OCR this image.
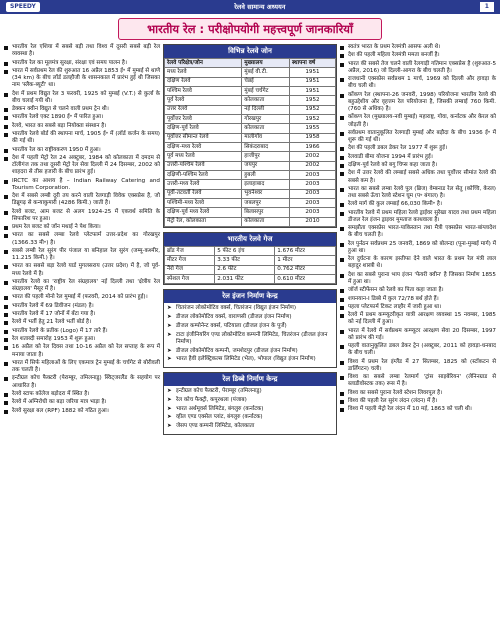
SPEEDY	रेलवे सामान्य अध्ययन	1
भारतीय रेल : परीक्षोपयोगी महत्त्वपूर्ण जानकारियाँ
भारतीय रेल एशिया में सबसे बड़ी तथा विश्व में दूसरी सबसे बड़ी रेल व्यवस्था है।
भारतीय रेल का मूलमंत्र सुरक्षा, संरक्षा एवं समय पालन है।
भारत में सर्वप्रथम रेल की शुरुआत 16 अप्रैल 1853 ई॰ में मुम्बई से थाणे (34 km) के बीच लॉर्ड डलहौजी के शासनकाल में प्रारंभ हुई थी जिसका नाम 'स्लैक-ब्यूटी' था।
देश में प्रथम विद्युत रेल 3 फरवरी, 1925 को मुम्बई (V.T.) से कुर्ला के बीच चलाई गयी थी।
डेक्कन क्वीन विद्युत से चलने वाली प्रथम ट्रेन थी।
भारतीय रेलवे एक्ट 1890 ई॰ में पारित हुआ।
रेलवे, भारत का सबसे बड़ा नियोक्ता संस्थान है।
भारतीय रेलवे बोर्ड की स्थापना मार्च, 1905 ई॰ में (लॉर्ड कर्जन के समय) की गई थी।
भारतीय रेल का राष्ट्रीयकरण 1950 में हुआ।
देश में पहली मेट्रो रेल 24 अक्टूबर, 1984 को कोलकाता में दमदम से टॉलीगंज तक तथा दूसरी मेट्रो रेल सेवा दिल्ली में 24 दिसम्बर, 2002 को शाहदरा से तीस हजारी के बीच प्रारंभ हुई।
IRCTC का आशय है – Indian Railway Catering and Tourism Corporation.
देश में सबसे लम्बी दूरी तय करने वाली रेलगाड़ी विवेक एक्सप्रेस है, जो डिब्रूगढ़ से कन्याकुमारी (4286 किमी.) जाती है।
रेलवे बजट, आम बजट से अलग 1924-25 में एकवर्थ समिति के सिफारिश पर हुआ।
प्रथम रेल बजट को जॉन मथाई ने पेश किया।
भारत का सबसे लम्बा रेलवे प्लेटफार्म उत्तर-प्रदेश का गोरखपुर (1366.33 मी॰) है।
सबसे लम्बी रेल सुरंग पीर पंजाल या बनिहाल रेल सुरंग (जम्मू-कश्मीर, 11.215 किमी.) है।
भारत का सबसे बड़ा रेलवे यार्ड मुगलसराय (उत्तर प्रदेश) में है, जो पूर्व-मध्य रेलवे में है।
भारतीय रेलवे का 'राष्ट्रीय रेल संग्रहालय' नई दिल्ली तथा 'क्षेत्रीय रेल संग्रहालय' मैसूर में है।
भारत की पहली मोनो रेल मुम्बई में (फरवरी, 2014 को प्रारंभ हुई)।
भारतीय रेलवे में 69 डिवीजन (मंडल) है।
भारतीय रेलवे में 17 जोनों में बँटा गया है।
रेलवे में भर्ती हेतु 21 रेलवे भर्ती बोर्ड है।
भारतीय रेलवे के प्रतीक (Logo) में 17 तारे हैं।
रेल शताब्दी समारोह 1953 में शुरू हुआ।
16 अप्रैल को रेल दिवस तथा 10-16 अप्रैल को रेल सप्ताह के रूप में मनाया जाता है।
भारत में सिर्फ महिलाओं के लिए एकमात्र ट्रेन मुम्बई के चर्चगेट से बोरीवली तक चलती है।
इन्टीग्रल कोच फैक्टरी (पेराम्बूर, तमिलनाडु) स्विट्जरलैंड के सहयोग पर आधारित है।
रेलवे स्टाफ कॉलेज बड़ोदरा में स्थित है।
रेलवे में अग्निरोधी का बड़ा जरिया मात्र भाड़ा है।
रेलवे सुरक्षा बल (RPF) 1882 को गठित हुआ।
विभिन्न रेलवे जोन
रेलवे परिक्षेत्र/जोन	मुख्यालय	स्थापना वर्ष
मध्य रेलवे	मुंबई वी.टी.	1951
दक्षिण रेलवे	चेन्नई	1951
पश्चिम रेलवे	मुंबई चर्चगेट	1951
पूर्व रेलवे	कोलकाता	1952
उत्तर रेलवे	नई दिल्ली	1952
पूर्वोत्तर रेलवे	गोरखपुर	1952
दक्षिण-पूर्व रेलवे	कोलकाता	1955
पूर्वोत्तर सीमान्त रेलवे	मालीगाँव	1958
दक्षिण-मध्य रेलवे	सिकंदराबाद	1966
पूर्व मध्य रेलवे	हाजीपुर	2002
उत्तरी-पश्चिम रेलवे	जयपुर	2002
दक्षिणी-पश्चिम रेलवे	हुबली	2003
उत्तरी-मध्य रेलवे	इलाहाबाद	2003
पूर्वी-तटवर्ती रेलवे	भुवनेश्वर	2003
पश्चिमी-मध्य रेलवे	जबलपुर	2003
दक्षिण-पूर्व मध्य रेलवे	बिलासपुर	2003
मेट्रो रेल, कोलकाता	कोलकाता	2010
भारतीय रेलवे गेज
ब्रॉड गेज	5 फीट 6 इंच	1.676 मीटर
मीटर गेज	3.33 फीट	1 मीटर
नैरो गेज	2.6 फीट	0.762 मीटर
स्पेशल गेज	2.031 फीट	0.610 मीटर
रेल इंजन निर्माण केन्द्र
➤ चितरंजन लोकोमोटिव वर्क्स, चितरंजन (विद्युत इंजन निर्माण)
➤ डीजल लोकोमोटिव वर्क्स, वाराणसी (डीजल इंजन निर्माण)
➤ डीजल कम्पोनेन्ट वर्क्स, पटियाला (डीजल इंजन के पुर्जे)
➤ टाटा इंजीनियरिंग एण्ड लोकोमोटिव कम्पनी लिमिटेड, चितरंजन (डीजल इंजन निर्माण)
➤ डीजल लोकोमोटिव कम्पनी, जमशेदपुर (डीजल इंजन निर्माण)
➤ भारत हैवी इलेक्ट्रिकल्स लिमिटेड (भेल), भोपाल (विद्युत इंजन निर्माण)
रेल डिब्बे निर्माण केन्द्र
➤ इन्टीग्रल कोच फैक्टरी, पेराम्बूर (तमिलनाडु)
➤ रेल कोच फैक्ट्री, कपूरथला (पंजाब)
➤ भारत अर्थमूवर्स लिमिटेड, बंगलुरु (कर्नाटक)
➤ व्हील एण्ड एक्सेल प्लांट, बंगलुरु (कर्नाटक)
➤ जेसप एण्ड कम्पनी लिमिटेड, कोलकाता
स्वतंत्र भारत के प्रथम रेलमंत्री आसफ अली थे।
देश की पहली महिला रेलमंत्री ममता बनर्जी है।
भारत की सबसे तेज चलने वाली रेलगाड़ी गतिमान एक्सप्रेस है (शुरुआत-5 अप्रैल, 2016) जो दिल्ली-आगरा के बीच चलती है।
राजधानी एक्सप्रेस सर्वप्रथम 1 मार्च, 1969 को दिल्ली और हावड़ा के बीच चली थी।
कोंकण रेल (स्थापना-26 जनवरी, 1998) परियोजना भारतीय रेलवे की बहुउद्देशीय और वृहत्तम रेल परियोजना है, जिसकी लम्बाई 760 किमी. (760 से अधिक) है।
कोंकण रेल (मुख्यालय-नवी मुम्बई) महाराष्ट्र, गोवा, कर्नाटक और केरल को जोड़ती है।
सर्वप्रथम वातानुकूलित रेलगाड़ी मुम्बई और बड़ौदा के बीच 1936 ई॰ में शुरू की गई थी।
देश की पहली डबल डेकर रेल 1977 में शुरू हुई।
रेलवाडी बीमा योजना 1994 में प्रारंभ हुई।
दक्षिण-पूर्व रेलवे को बगु चिप्स कहा जाता है।
देश में उत्तर रेलवे की लम्बाई सबसे अधिक तथा पूर्वोत्तर सीमांत रेलवे की सबसे कम है।
भारत का सबसे लम्बा रेलवे पुल (ब्रिज) वेम्बनाड रेल सेतु (कोच्चि, केरल) तथा सबसे ऊँचा रेलवे स्टेशन घूम (प॰ बंगाल) है।
रेलवे मार्ग की कुल लम्बाई 66,030 किमी॰ है।
भारतीय रेलवे में प्रथम महिला रेलवे ड्राईवर सुरेखा यादव तथा प्रथम महिला डीजल रेल इंजन ड्राइवर मुमताज काथवाला है।
समझौता एक्सप्रेस भारत-पाकिस्तान तथा मैत्री एक्सप्रेस भारत-बांग्लादेश के बीच चलती है।
रेल पुर्नठन सर्वप्रथम 25 जनवरी, 1869 को बोलन्दा (पूना-मुम्बई मार्ग) में हुआ था।
रेल दुर्घटना के कारण इस्तीफा देने वाले भारत के प्रथम रेल मंत्री लाल बहादुर शास्त्री थे।
देश का सबसे पुराना भाप इंजन 'फेयरी क्वीन' है जिसका निर्माण 1855 में हुआ था।
जॉर्ज स्टीफेंसन को रेलवे का पिता कहा जाता है।
शयनयान-I डिब्बे में कुल 72/78 बर्थ होते हैं।
पहला प्लेटफार्म टिकट लाहौर में जारी हुआ था।
रेलवे में प्रथम कम्प्यूटरीकृत यात्री आरक्षण व्यवस्था 15 नवम्बर, 1985 को नई दिल्ली में हुआ।
भारत में रेलवे में सर्वप्रथम कम्प्यूटर आरक्षण सेवा 20 दिसम्बर, 1997 को प्रारंभ की गई।
पहली वातानुकूलित डबल डेकर ट्रेन (अक्टूबर, 2011 को हावड़ा-धनबाद के बीच चली।
विश्व में प्रथम रेल इंग्लैंड में 27 सितम्बर, 1825 को (स्टॉकटन से डार्लिंगटन) चली।
विश्व का सबसे लम्बा रेलमार्ग 'ट्रांस साइबेरियन' (लेनिनग्राड से ब्लाडीवोस्टक तक) रूस में है।
विश्व का सबसे पुराना रेलवे स्टेशन लिवरपूल है।
विश्व की पहली रेल सुरंग लंदन (लंदन) में है।
विश्व में पहली मेट्रो रेल लंदन में 10 मई, 1863 को चली थी।
